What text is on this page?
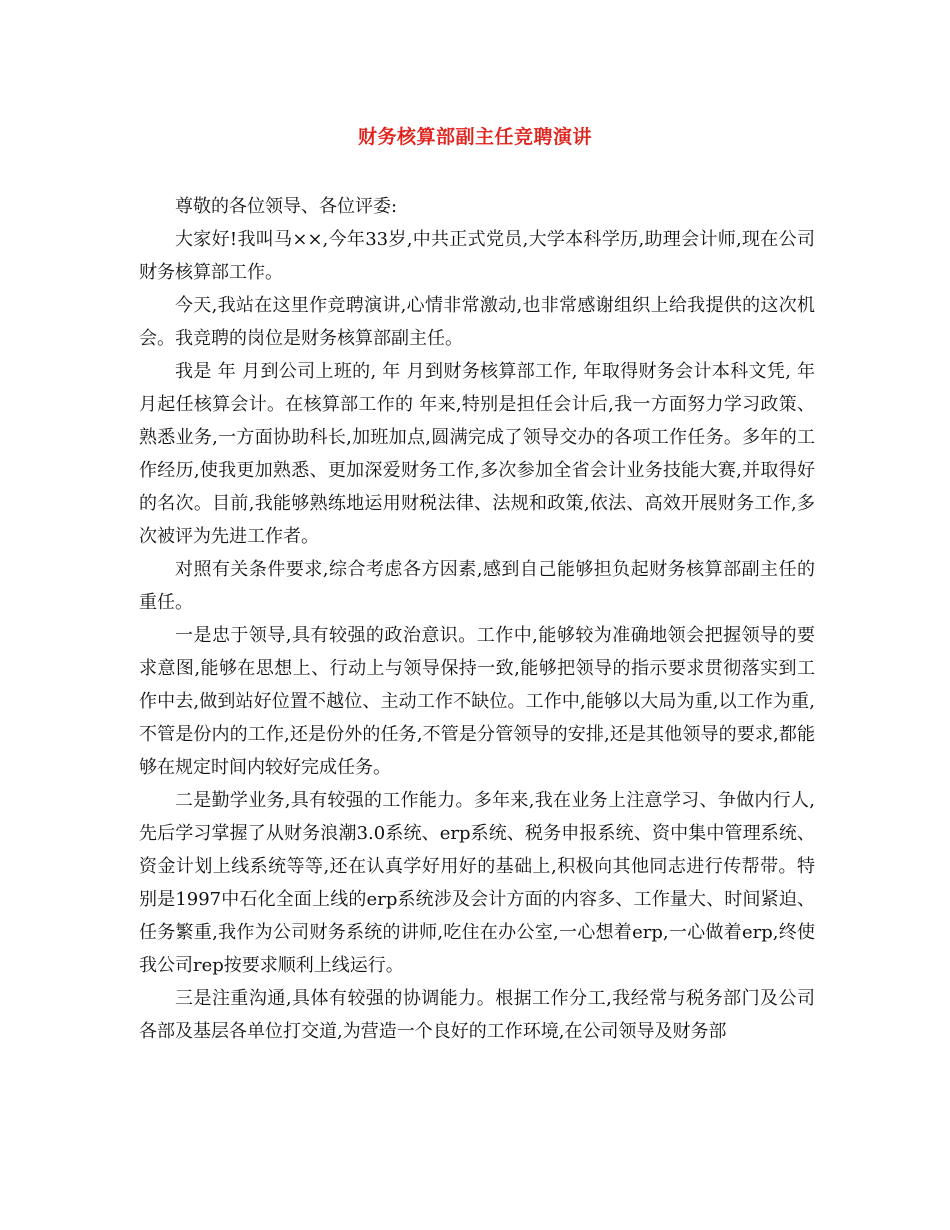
财务核算部副主任竞聘演讲

尊敬的各位领导、各位评委:

大家好!我叫马××,今年33岁,中共正式党员,大学本科学历,助理会计师,现在公司财务核算部工作。

今天,我站在这里作竞聘演讲,心情非常激动,也非常感谢组织上给我提供的这次机会。我竞聘的岗位是财务核算部副主任。

我是 年 月到公司上班的, 年 月到财务核算部工作, 年取得财务会计本科文凭, 年 月起任核算会计。在核算部工作的 年来,特别是担任会计后,我一方面努力学习政策、熟悉业务,一方面协助科长,加班加点,圆满完成了领导交办的各项工作任务。多年的工作经历,使我更加熟悉、更加深爱财务工作,多次参加全省会计业务技能大赛,并取得好的名次。目前,我能够熟练地运用财税法律、法规和政策,依法、高效开展财务工作,多次被评为先进工作者。

对照有关条件要求,综合考虑各方因素,感到自己能够担负起财务核算部副主任的重任。

一是忠于领导,具有较强的政治意识。工作中,能够较为准确地领会把握领导的要求意图,能够在思想上、行动上与领导保持一致,能够把领导的指示要求贯彻落实到工作中去,做到站好位置不越位、主动工作不缺位。工作中,能够以大局为重,以工作为重,不管是份内的工作,还是份外的任务,不管是分管领导的安排,还是其他领导的要求,都能够在规定时间内较好完成任务。

二是勤学业务,具有较强的工作能力。多年来,我在业务上注意学习、争做内行人,先后学习掌握了从财务浪潮3.0系统、erp系统、税务申报系统、资中集中管理系统、资金计划上线系统等等,还在认真学好用好的基础上,积极向其他同志进行传帮带。特别是1997中石化全面上线的erp系统涉及会计方面的内容多、工作量大、时间紧迫、任务繁重,我作为公司财务系统的讲师,吃住在办公室,一心想着erp,一心做着erp,终使我公司rep按要求顺利上线运行。

三是注重沟通,具体有较强的协调能力。根据工作分工,我经常与税务部门及公司各部及基层各单位打交道,为营造一个良好的工作环境,在公司领导及财务部
